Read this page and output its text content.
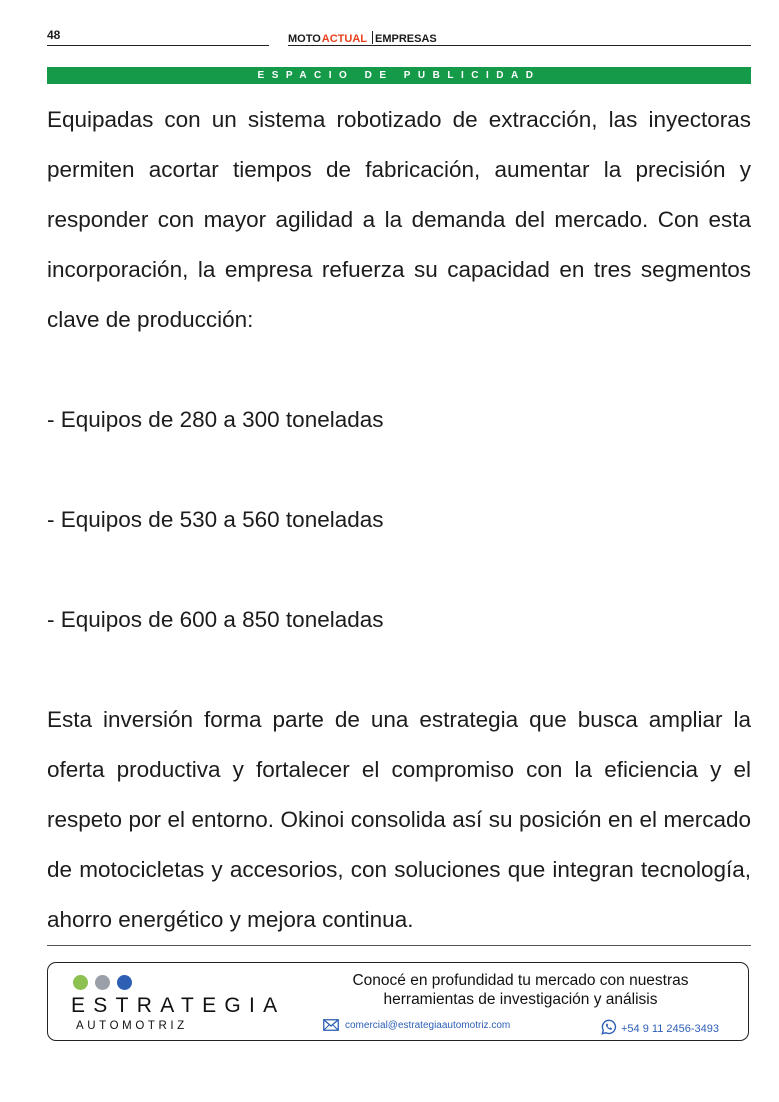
48	MOTOACTUAL EMPRESAS
ESPACIO DE PUBLICIDAD

Equipadas con un sistema robotizado de extracción, las inyectoras permiten acortar tiempos de fabricación, aumentar la precisión y responder con mayor agilidad a la demanda del mercado. Con esta incorporación, la empresa refuerza su capacidad en tres segmentos clave de producción:

- Equipos de 280 a 300 toneladas

- Equipos de 530 a 560 toneladas

- Equipos de 600 a 850 toneladas

Esta inversión forma parte de una estrategia que busca ampliar la oferta productiva y fortalecer el compromiso con la eficiencia y el respeto por el entorno. Okinoi consolida así su posición en el mercado de motocicletas y accesorios, con soluciones que integran tecnología, ahorro energético y mejora continua.

ESTRATEGIA
AUTOMOTRIZ
Conocé en profundidad tu mercado con nuestras
herramientas de investigación y análisis
comercial@estrategiaautomotriz.com	+54 9 11 2456-3493
